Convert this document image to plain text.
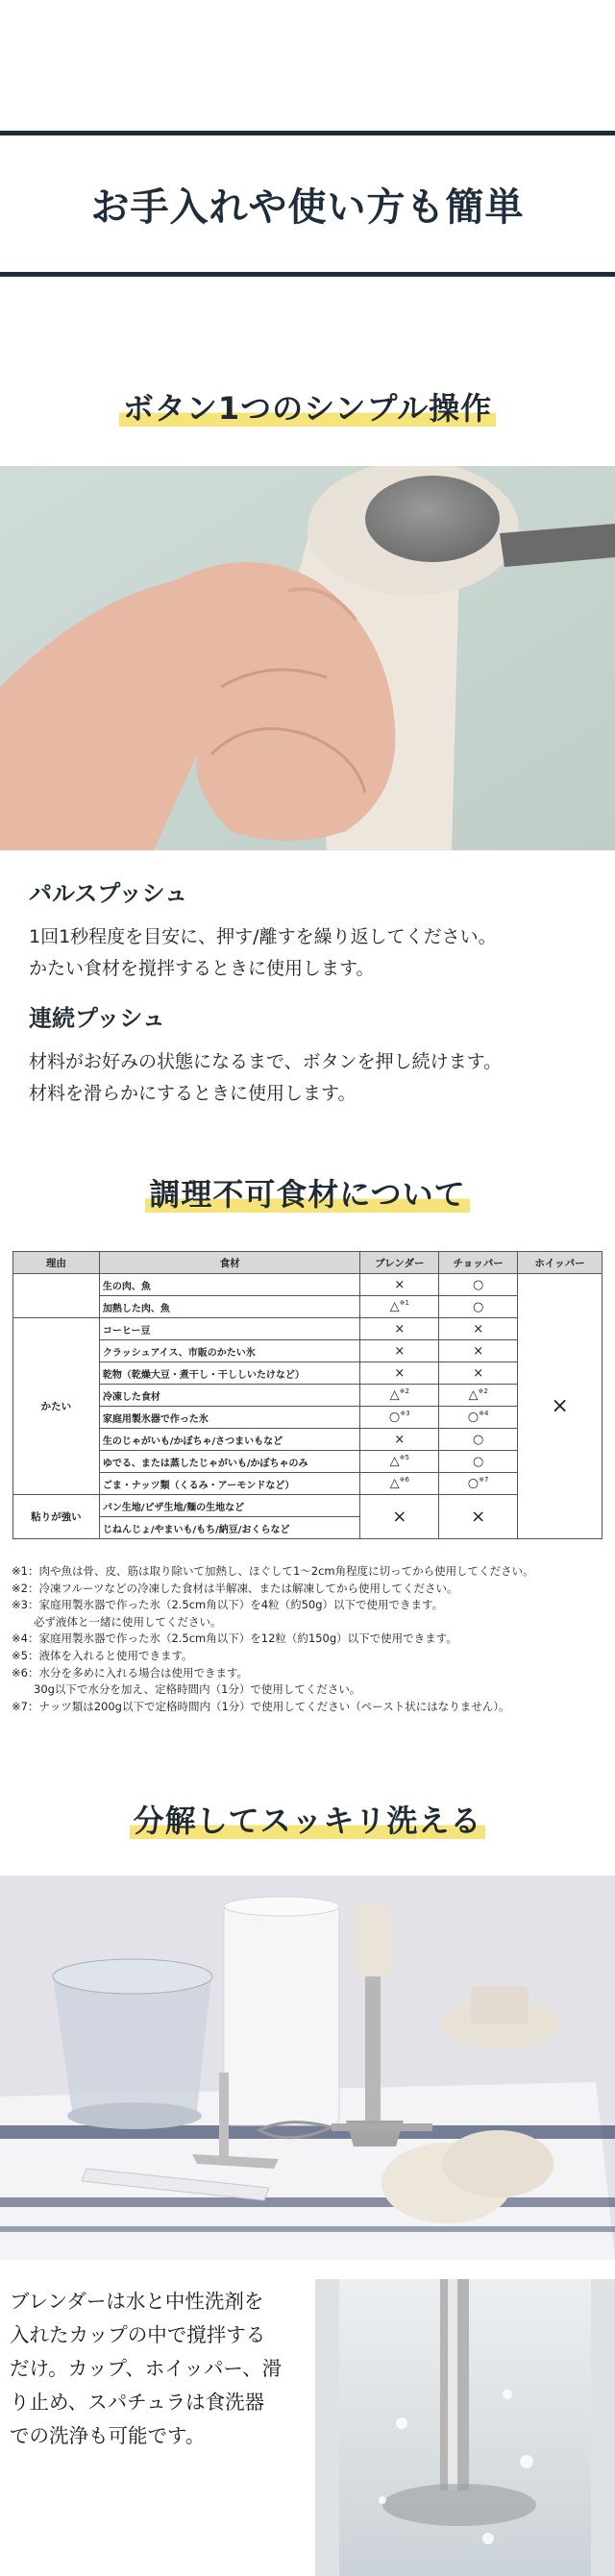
お手入れや使い方も簡単
ボタン1つのシンプル操作

パルスプッシュ

1回1秒程度を目安に、押す/離すを繰り返してください。

かたい食材を撹拌するときに使用します。

連続プッシュ

材料がお好みの状態になるまで、ボタンを押し続けます。

材料を滑らかにするときに使用します。

調理不可食材について
理由	食材	ブレンダー	チョッパー	ホイッパー
	生の肉、魚	×	○	×
	加熱した肉、魚	△$^{※1}$	○	
かたい	コーヒー豆	×	×	
	クラッシュアイス、市販のかたい氷	×	×	
	乾物（乾燥大豆・煮干し・干ししいたけなど）	×	×	
	冷凍した食材	△$^{※2}$	△$^{※2}$
	家庭用製氷器で作った氷	○$^{※3}$	○$^{※4}$
	生のじゃがいも/かぼちゃ/さつまいもなど	×	○	
	ゆでる、または蒸したじゃがいも/かぼちゃのみ	△$^{※5}$	○	
	ごま・ナッツ類（くるみ・アーモンドなど）	△$^{※6}$	○$^{※7}$
粘りが強い	パン生地/ピザ生地/麺の生地など	×	×	
	じねんじょ/やまいも/もち/納豆/おくらなど			

※1：肉や魚は骨、皮、筋は取り除いて加熱し、ほぐして1〜2cm角程度に切ってから使用してください。

※2：冷凍フルーツなどの冷凍した食材は半解凍、または解凍してから使用してください。

※3：家庭用製氷器で作った氷（2.5cm角以下）を4粒（約50g）以下で使用できます。

　　必ず液体と一緒に使用してください。

※4：家庭用製氷器で作った氷（2.5cm角以下）を12粒（約150g）以下で使用できます。

※5：液体を入れると使用できます。

※6：水分を多めに入れる場合は使用できます。

　　30g以下で水分を加え、定格時間内（1分）で使用してください。

※7：ナッツ類は200g以下で定格時間内（1分）で使用してください（ペースト状にはなりません）。

分解してスッキリ洗える
ブレンダーは水と中性洗剤を
入れたカップの中で撹拌する
だけ。カップ、ホイッパー、滑
り止め、スパチュラは食洗器
での洗浄も可能です。
